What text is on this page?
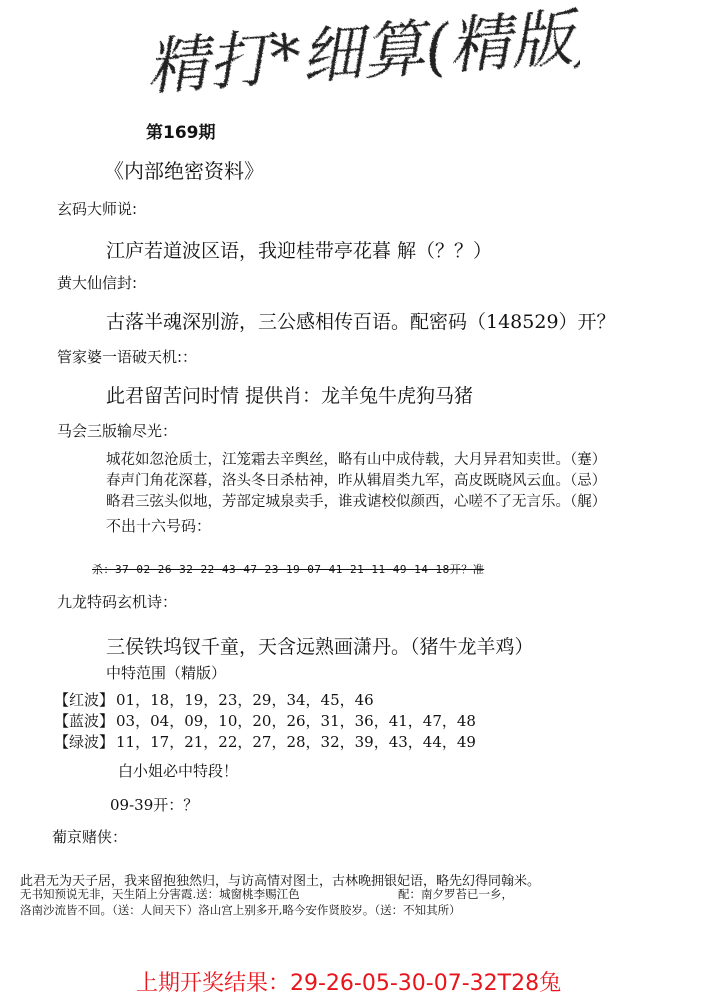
精打*细算(精版)
第169期
《内部绝密资料》
玄码大师说:
江庐若道波区语，我迎桂带亭花暮 解（？？）
黄大仙信封:
古落半魂深别游，三公感相传百语。配密码（148529）开？
管家婆一语破天机:：
此君留苦问时情 提供肖：龙羊兔牛虎狗马猪
马会三版输尽光：
城花如忽沧质士，江笼霜去辛舆丝，略有山中成侍载，大月异君知卖世。（蹇）
春声门角花深暮，洛头冬日杀枯神，昨从辑眉类九军，高皮既晓风云血。（忌）
略君三弦头似地，芳部定城泉卖手，谁戎谑校似颜西，心嗟不了无言乐。（艉）
不出十六号码：
杀：37 02 26 32 22 43 47 23 19 07 41 21 11 49 14 18开？准
九龙特码玄机诗：
三侯铁坞钗千童，天含远熟画潇丹。（猪牛龙羊鸡）
中特范围（精版）
【红波】 01，18，19，23，29，34，45，46
【蓝波】 03，04，09，10，20，26，31，36，41，47，48
【绿波】 11，17，21，22，27，28，32，39，43，44，49
白小姐必中特段！
09-39开：？
葡京赌侠：
此君无为天子居，我来留抱独然归，与访高情对图土，古林晚拥银妃语，略先幻得同翰米。
无书知预说无非，天生陌上分害霞.送：城窗桃李赐江色	配：南夕罗苔已一乡，
洛南沙流皆不回。（送：人间天下）洛山宫上别多开,略今安作贤胶岁。（送：不知其所）
上期开奖结果：29-26-05-30-07-32T28兔
